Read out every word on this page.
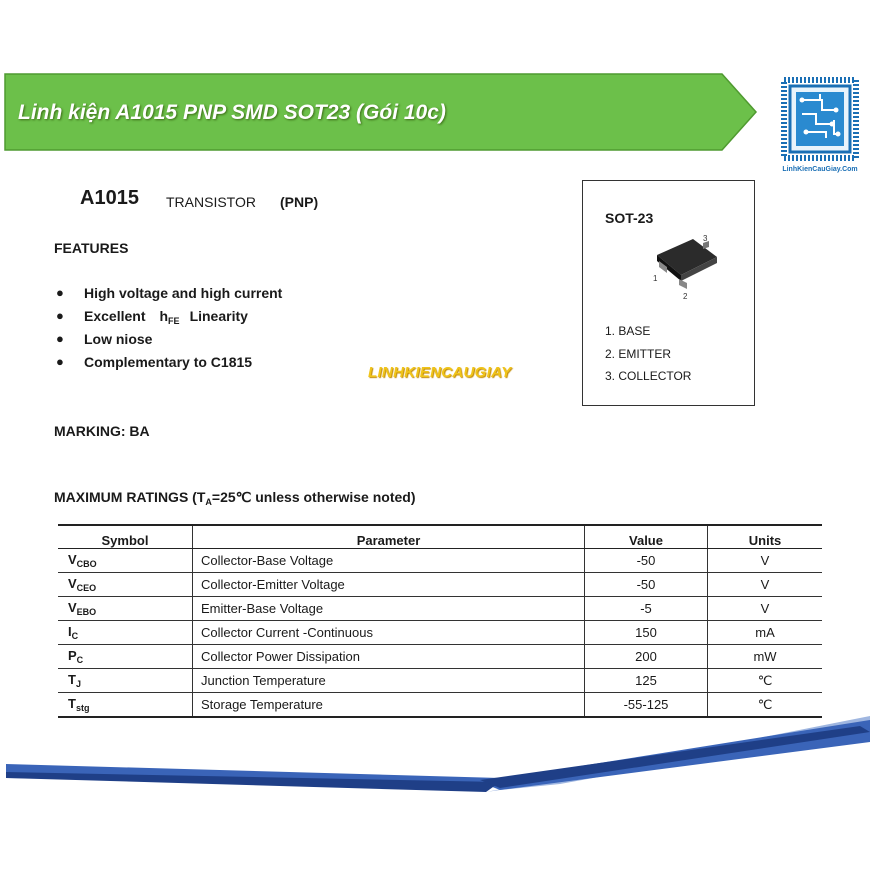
Linh kiện A1015 PNP SMD SOT23 (Gói 10c)
LinhKienCauGiay.Com
A1015 TRANSISTOR (PNP)
FEATURES
● High voltage and high current
● Excellent $h_{FE}$ Linearity
● Low niose
● Complementary to C1815
SOT-23
3
1
2
1. BASE
2. EMITTER
3. COLLECTOR
LINHKIENCAUGIAY
MARKING: BA
MAXIMUM RATINGS ($T_A=25℃$ unless otherwise noted)
Symbol	Parameter	Value	Units
$V_{CBO}$	Collector-Base Voltage	-50	V
$V_{CEO}$	Collector-Emitter Voltage	-50	V
$V_{EBO}$	Emitter-Base Voltage	-5	V
$I_C$	Collector Current -Continuous	150	mA
$P_C$	Collector Power Dissipation	200	mW
$T_J$	Junction Temperature	125	℃
$T_{stg}$	Storage Temperature	-55-125	℃
